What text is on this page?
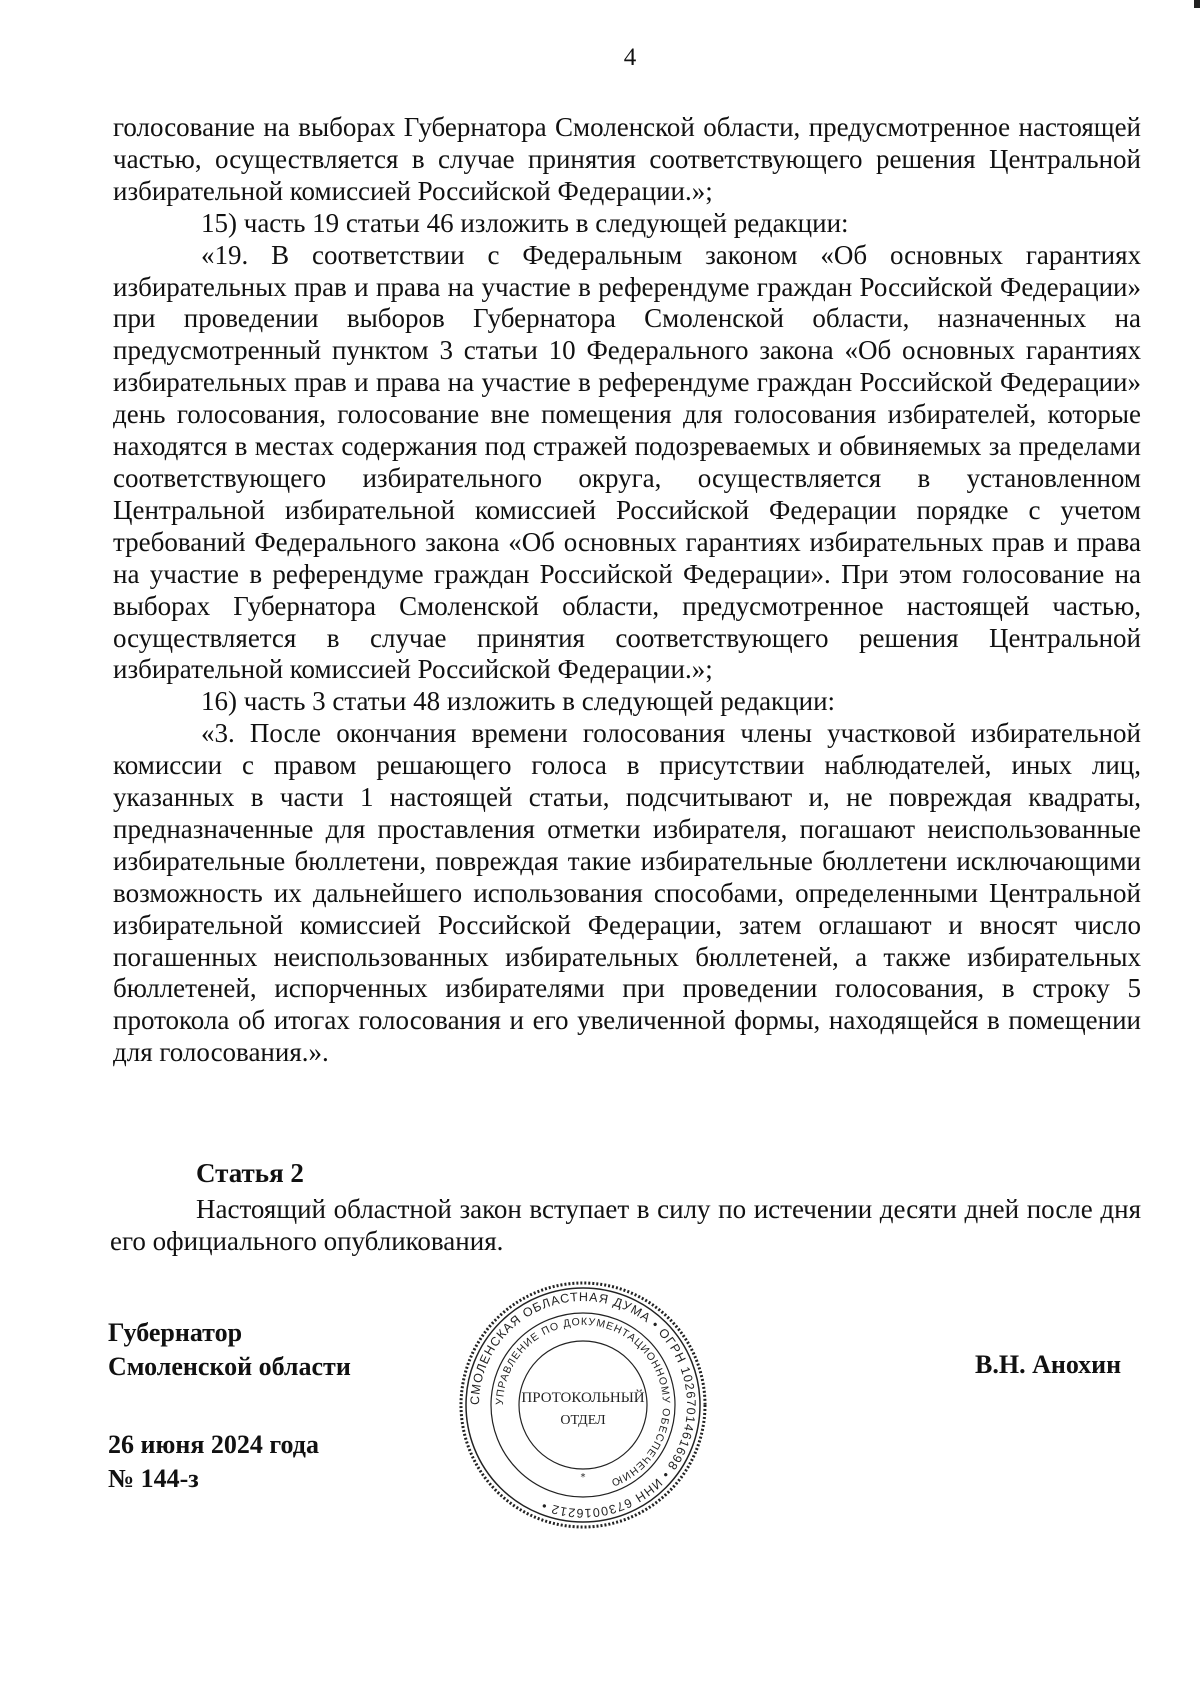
4

голосование на выборах Губернатора Смоленской области, предусмотренное настоящей частью, осуществляется в случае принятия соответствующего решения Центральной избирательной комиссией Российской Федерации.»;

15) часть 19 статьи 46 изложить в следующей редакции:

«19. В соответствии с Федеральным законом «Об основных гарантиях избирательных прав и права на участие в референдуме граждан Российской Федерации» при проведении выборов Губернатора Смоленской области, назначенных на предусмотренный пунктом 3 статьи 10 Федерального закона «Об основных гарантиях избирательных прав и права на участие в референдуме граждан Российской Федерации» день голосования, голосование вне помещения для голосования избирателей, которые находятся в местах содержания под стражей подозреваемых и обвиняемых за пределами соответствующего избирательного округа, осуществляется в установленном Центральной избирательной комиссией Российской Федерации порядке с учетом требований Федерального закона «Об основных гарантиях избирательных прав и права на участие в референдуме граждан Российской Федерации». При этом голосование на выборах Губернатора Смоленской области, предусмотренное настоящей частью, осуществляется в случае принятия соответствующего решения Центральной избирательной комиссией Российской Федерации.»;

16) часть 3 статьи 48 изложить в следующей редакции:

«3. После окончания времени голосования члены участковой избирательной комиссии с правом решающего голоса в присутствии наблюдателей, иных лиц, указанных в части 1 настоящей статьи, подсчитывают и, не повреждая квадраты, предназначенные для проставления отметки избирателя, погашают неиспользованные избирательные бюллетени, повреждая такие избирательные бюллетени исключающими возможность их дальнейшего использования способами, определенными Центральной избирательной комиссией Российской Федерации, затем оглашают и вносят число погашенных неиспользованных избирательных бюллетеней, а также избирательных бюллетеней, испорченных избирателями при проведении голосования, в строку 5 протокола об итогах голосования и его увеличенной формы, находящейся в помещении для голосования.».

Статья 2
Настоящий областной закон вступает в силу по истечении десяти дней после дня его официального опубликования.
Губернатор
Смоленской области
26 июня 2024 года
№ 144-з
В.Н. Анохин
СМОЛЕНСКАЯ ОБЛАСТНАЯ ДУМА • ОГРН 1026701461698 • ИНН 6730016212 •
УПРАВЛЕНИЕ ПО ДОКУМЕНТАЦИОННОМУ ОБЕСПЕЧЕНИЮ
ПРОТОКОЛЬНЫЙ
ОТДЕЛ
*
